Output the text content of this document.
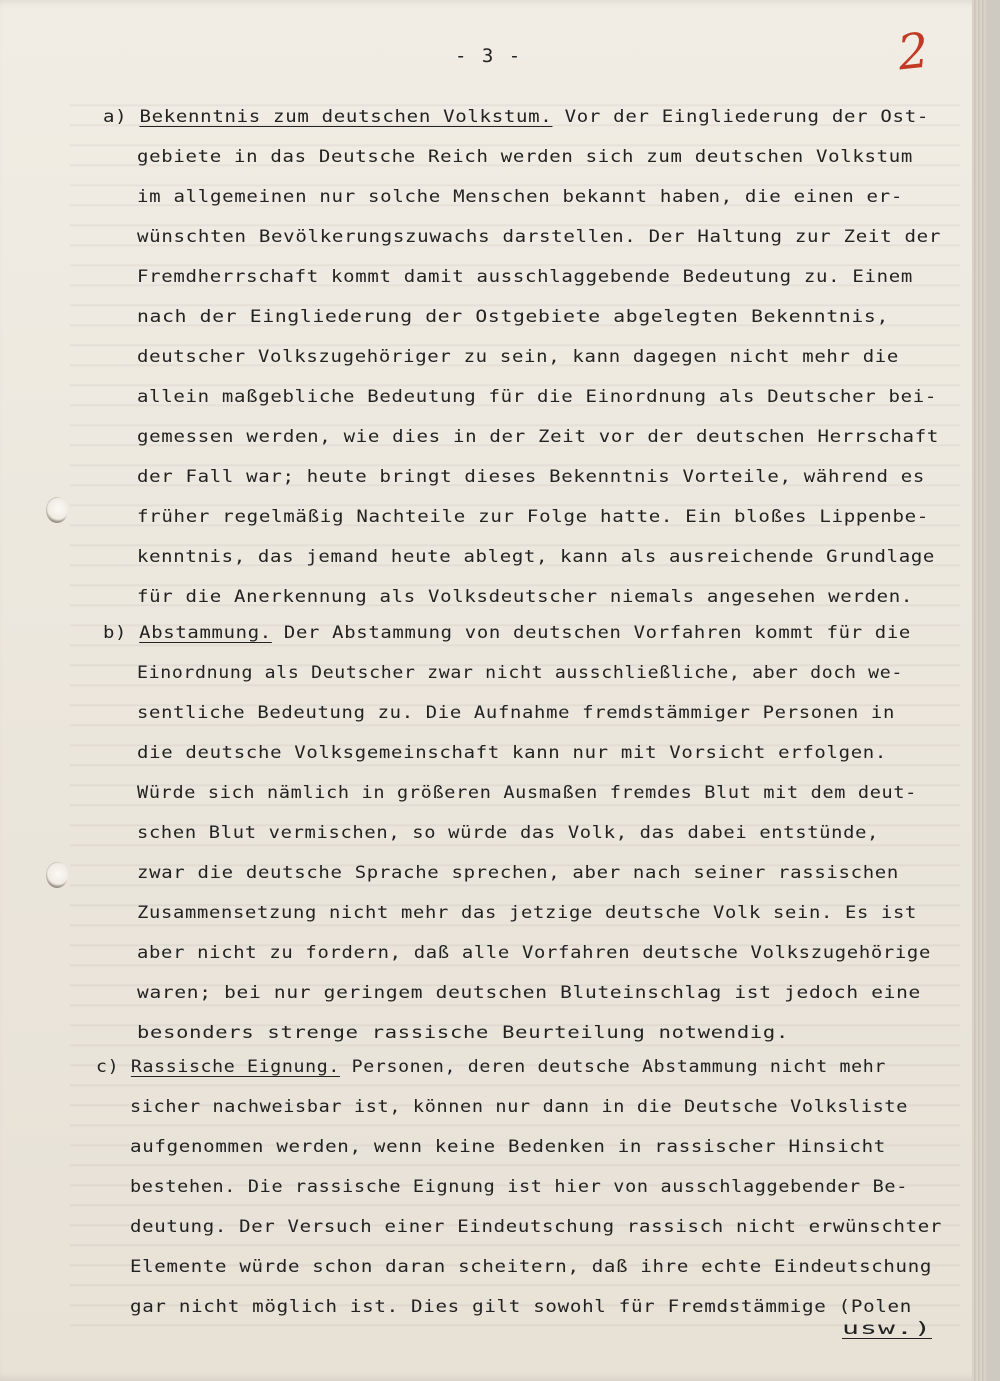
- 3 -	2
a) Bekenntnis zum deutschen Volkstum. Vor der Eingliederung der Ost-
gebiete in das Deutsche Reich werden sich zum deutschen Volkstum
im allgemeinen nur solche Menschen bekannt haben, die einen er-
wünschten Bevölkerungszuwachs darstellen. Der Haltung zur Zeit der
Fremdherrschaft kommt damit ausschlaggebende Bedeutung zu. Einem
nach der Eingliederung der Ostgebiete abgelegten Bekenntnis,
deutscher Volkszugehöriger zu sein, kann dagegen nicht mehr die
allein maßgebliche Bedeutung für die Einordnung als Deutscher bei-
gemessen werden, wie dies in der Zeit vor der deutschen Herrschaft
der Fall war; heute bringt dieses Bekenntnis Vorteile, während es
früher regelmäßig Nachteile zur Folge hatte. Ein bloßes Lippenbe-
kenntnis, das jemand heute ablegt, kann als ausreichende Grundlage
für die Anerkennung als Volksdeutscher niemals angesehen werden.
b) Abstammung. Der Abstammung von deutschen Vorfahren kommt für die
Einordnung als Deutscher zwar nicht ausschließliche, aber doch we-
sentliche Bedeutung zu. Die Aufnahme fremdstämmiger Personen in
die deutsche Volksgemeinschaft kann nur mit Vorsicht erfolgen.
Würde sich nämlich in größeren Ausmaßen fremdes Blut mit dem deut-
schen Blut vermischen, so würde das Volk, das dabei entstünde,
zwar die deutsche Sprache sprechen, aber nach seiner rassischen
Zusammensetzung nicht mehr das jetzige deutsche Volk sein. Es ist
aber nicht zu fordern, daß alle Vorfahren deutsche Volkszugehörige
waren; bei nur geringem deutschen Bluteinschlag ist jedoch eine
besonders strenge rassische Beurteilung notwendig.
c) Rassische Eignung. Personen, deren deutsche Abstammung nicht mehr
sicher nachweisbar ist, können nur dann in die Deutsche Volksliste
aufgenommen werden, wenn keine Bedenken in rassischer Hinsicht
bestehen. Die rassische Eignung ist hier von ausschlaggebender Be-
deutung. Der Versuch einer Eindeutschung rassisch nicht erwünschter
Elemente würde schon daran scheitern, daß ihre echte Eindeutschung
gar nicht möglich ist. Dies gilt sowohl für Fremdstämmige (Polen
usw.)
